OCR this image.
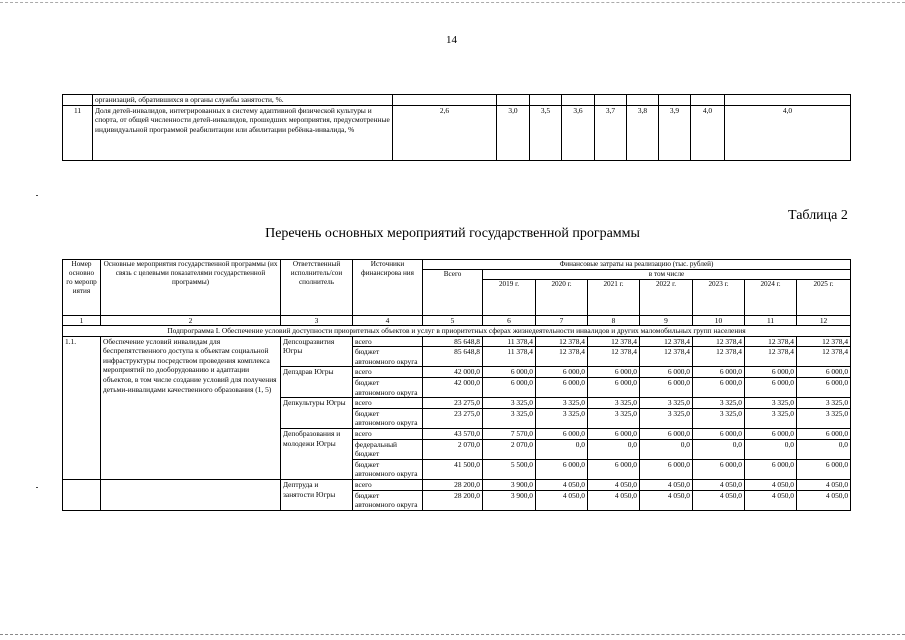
14
	организаций, обратившихся в органы службы занятости, %.									
11	Доля детей-инвалидов, интегрированных в систему адаптивной физической культуры и спорта, от общей численности детей-инвалидов, прошедших мероприятия, предусмотренные индивидуальной программой реабилитации или абилитации ребёнка-инвалида, %	2,6	3,0	3,5	3,6	3,7	3,8	3,9	4,0	4,0
Таблица 2
Перечень основных мероприятий государственной программы
Номер основно го меропр иятия	Основные мероприятия государственной программы (их связь с целевыми показателями государственной программы)	Ответственный исполнитель/сои сполнитель	Источники финансирова ния	Финансовые затраты на реализацию (тыс. рублей)							
				Всего	в том числе						
					2019 г.	2020 г.	2021 г.	2022 г.	2023 г.	2024 г.	2025 г.
1	2	3	4	5	6	7	8	9	10	11	12
Подпрограмма I. Обеспечение условий доступности приоритетных объектов и услуг в приоритетных сферах жизнедеятельности инвалидов и других маломобильных групп населения											
1.1.	Обеспечение условий инвалидам для беспрепятственного доступа к объектам социальной инфраструктуры посредством проведения комплекса мероприятий по дооборудованию и адаптации объектов, в том числе создание условий для получения детьми-инвалидами качественного образования (1, 5)	Депсоцразвития Югры	всего	85 648,8	11 378,4	12 378,4	12 378,4	12 378,4	12 378,4	12 378,4	12 378,4
			бюджет автономного округа	85 648,8	11 378,4	12 378,4	12 378,4	12 378,4	12 378,4	12 378,4	12 378,4
		Депздрав Югры	всего	42 000,0	6 000,0	6 000,0	6 000,0	6 000,0	6 000,0	6 000,0	6 000,0
			бюджет автономного округа	42 000,0	6 000,0	6 000,0	6 000,0	6 000,0	6 000,0	6 000,0	6 000,0
		Депкультуры Югры	всего	23 275,0	3 325,0	3 325,0	3 325,0	3 325,0	3 325,0	3 325,0	3 325,0
			бюджет автономного округа	23 275,0	3 325,0	3 325,0	3 325,0	3 325,0	3 325,0	3 325,0	3 325,0
		Депобразования и молодежи Югры	всего	43 570,0	7 570,0	6 000,0	6 000,0	6 000,0	6 000,0	6 000,0	6 000,0
			федеральный бюджет	2 070,0	2 070,0	0,0	0,0	0,0	0,0	0,0	0,0
			бюджет автономного округа	41 500,0	5 500,0	6 000,0	6 000,0	6 000,0	6 000,0	6 000,0	6 000,0
		Дептруда и занятости Югры	всего	28 200,0	3 900,0	4 050,0	4 050,0	4 050,0	4 050,0	4 050,0	4 050,0
			бюджет автономного округа	28 200,0	3 900,0	4 050,0	4 050,0	4 050,0	4 050,0	4 050,0	4 050,0
